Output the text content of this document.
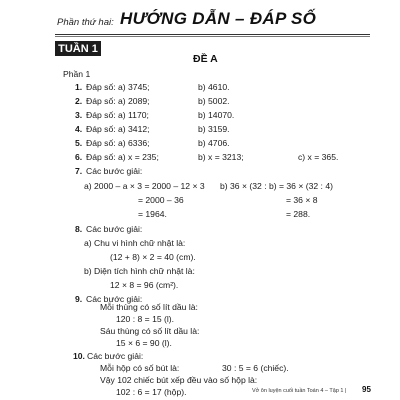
Phần thứ hai: HƯỚNG DẪN – ĐÁP SỐ
TUẦN 1
ĐỀ A
Phần 1
1. Đáp số: a) 3745;	b) 4610.
2. Đáp số: a) 2089;	b) 5002.
3. Đáp số: a) 1170;	b) 14070.
4. Đáp số: a) 3412;	b) 3159.
5. Đáp số: a) 6336;	b) 4706.
6. Đáp số: a) x = 235;	b) x = 3213;	c) x = 365.
7. Các bước giải:
a) 2000 – a × 3 = 2000 – 12 × 3
= 2000 – 36
= 1964.
b) 36 × (32 : b) = 36 × (32 : 4)
= 36 × 8
= 288.
8. Các bước giải:
a) Chu vi hình chữ nhật là:
(12 + 8) × 2 = 40 (cm).
b) Diện tích hình chữ nhật là:
12 × 8 = 96 (cm²).
9. Các bước giải:
Mỗi thùng có số lít dầu là:
120 : 8 = 15 (l).
Sáu thùng có số lít dầu là:
15 × 6 = 90 (l).
10. Các bước giải:
Mỗi hộp có số bút là:	30 : 5 = 6 (chiếc).
Vậy 102 chiếc bút xếp đều vào số hộp là:
102 : 6 = 17 (hộp).	Vở ôn luyện cuối tuần Toán 4 – Tập 1 | 95
